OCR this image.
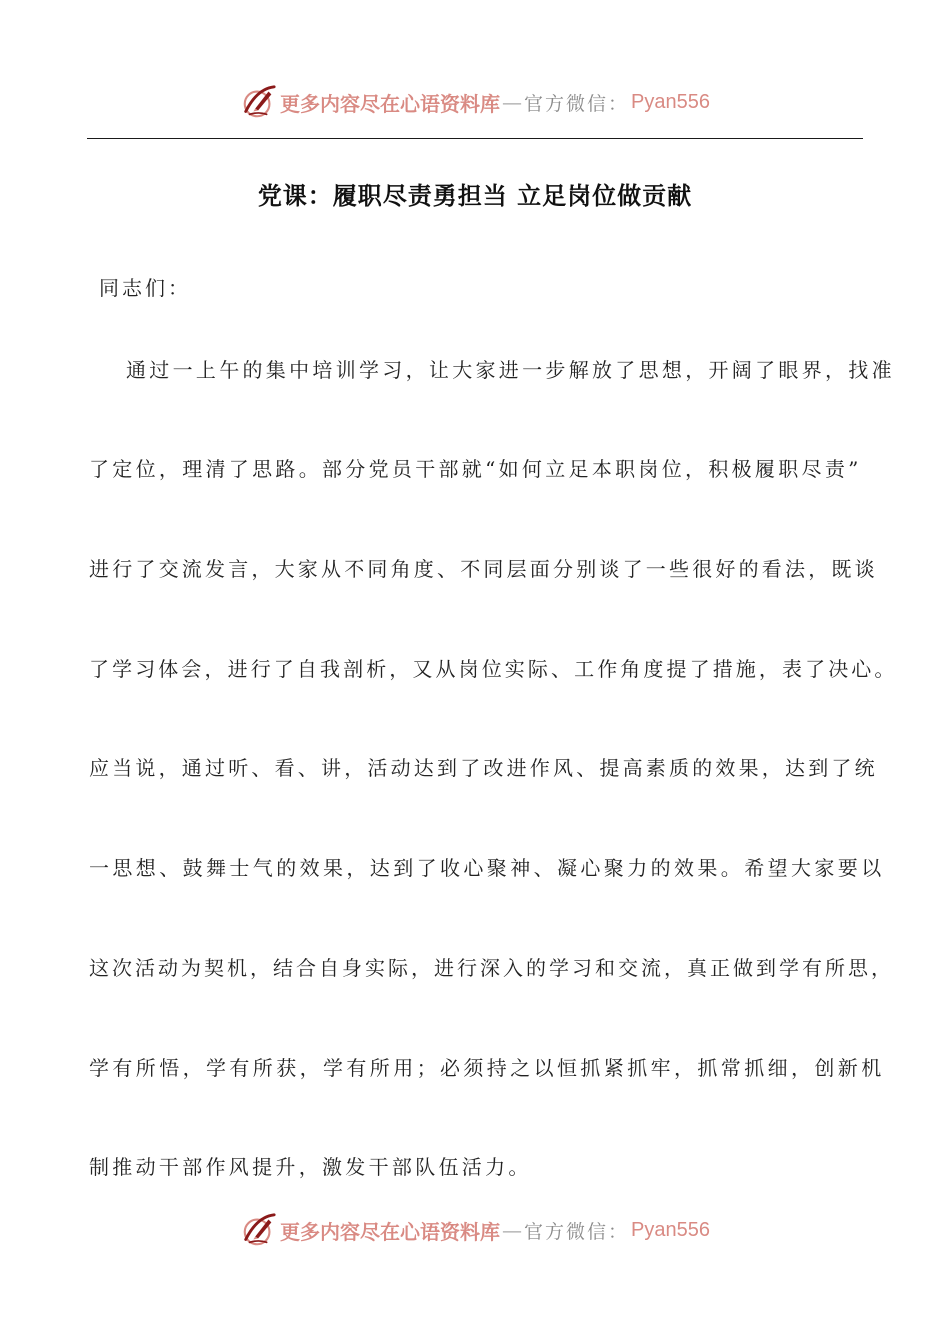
更多内容尽在心语资料库 — 官方微信： Pyan556
党课：履职尽责勇担当 立足岗位做贡献
同志们：
通过一上午的集中培训学习，让大家进一步解放了思想，开阔了眼界，找准
了定位，理清了思路。部分党员干部就“如何立足本职岗位，积极履职尽责”
进行了交流发言，大家从不同角度、不同层面分别谈了一些很好的看法，既谈
了学习体会，进行了自我剖析，又从岗位实际、工作角度提了措施，表了决心。
应当说，通过听、看、讲，活动达到了改进作风、提高素质的效果，达到了统
一思想、鼓舞士气的效果，达到了收心聚神、凝心聚力的效果。希望大家要以
这次活动为契机，结合自身实际，进行深入的学习和交流，真正做到学有所思，
学有所悟，学有所获，学有所用；必须持之以恒抓紧抓牢，抓常抓细，创新机
制推动干部作风提升，激发干部队伍活力。
更多内容尽在心语资料库 — 官方微信： Pyan556
